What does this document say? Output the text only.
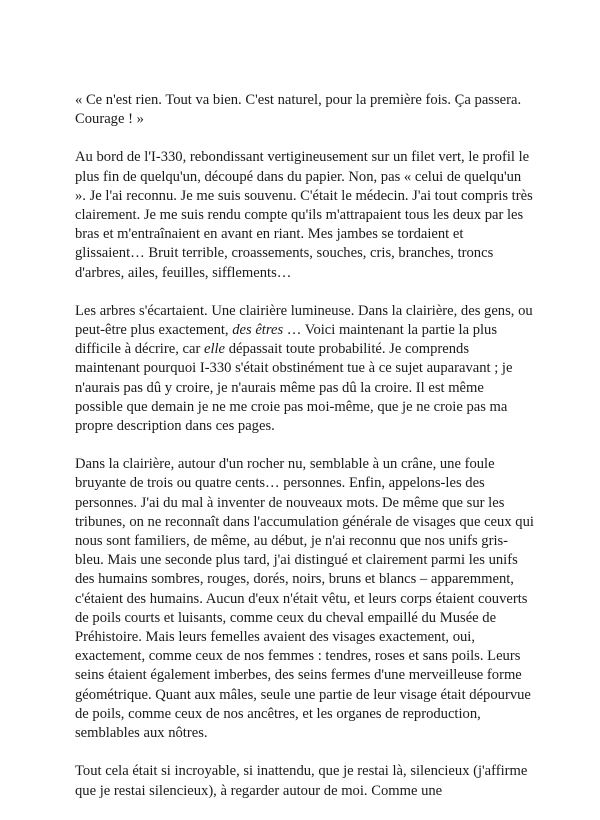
« Ce n'est rien. Tout va bien. C'est naturel, pour la première fois. Ça passera. Courage ! »

Au bord de l'I-330, rebondissant vertigineusement sur un filet vert, le profil le plus fin de quelqu'un, découpé dans du papier. Non, pas « celui de quelqu'un ». Je l'ai reconnu. Je me suis souvenu. C'était le médecin. J'ai tout compris très clairement. Je me suis rendu compte qu'ils m'attrapaient tous les deux par les bras et m'entraînaient en avant en riant. Mes jambes se tordaient et glissaient… Bruit terrible, croassements, souches, cris, branches, troncs d'arbres, ailes, feuilles, sifflements…

Les arbres s'écartaient. Une clairière lumineuse. Dans la clairière, des gens, ou peut-être plus exactement, des êtres … Voici maintenant la partie la plus difficile à décrire, car elle dépassait toute probabilité. Je comprends maintenant pourquoi I-330 s'était obstinément tue à ce sujet auparavant ; je n'aurais pas dû y croire, je n'aurais même pas dû la croire. Il est même possible que demain je ne me croie pas moi-même, que je ne croie pas ma propre description dans ces pages.

Dans la clairière, autour d'un rocher nu, semblable à un crâne, une foule bruyante de trois ou quatre cents… personnes. Enfin, appelons-les des personnes. J'ai du mal à inventer de nouveaux mots. De même que sur les tribunes, on ne reconnaît dans l'accumulation générale de visages que ceux qui nous sont familiers, de même, au début, je n'ai reconnu que nos unifs gris-bleu. Mais une seconde plus tard, j'ai distingué et clairement parmi les unifs des humains sombres, rouges, dorés, noirs, bruns et blancs – apparemment, c'étaient des humains. Aucun d'eux n'était vêtu, et leurs corps étaient couverts de poils courts et luisants, comme ceux du cheval empaillé du Musée de Préhistoire. Mais leurs femelles avaient des visages exactement, oui, exactement, comme ceux de nos femmes : tendres, roses et sans poils. Leurs seins étaient également imberbes, des seins fermes d'une merveilleuse forme géométrique. Quant aux mâles, seule une partie de leur visage était dépourvue de poils, comme ceux de nos ancêtres, et les organes de reproduction, semblables aux nôtres.

Tout cela était si incroyable, si inattendu, que je restai là, silencieux (j'affirme que je restai silencieux), à regarder autour de moi. Comme une
